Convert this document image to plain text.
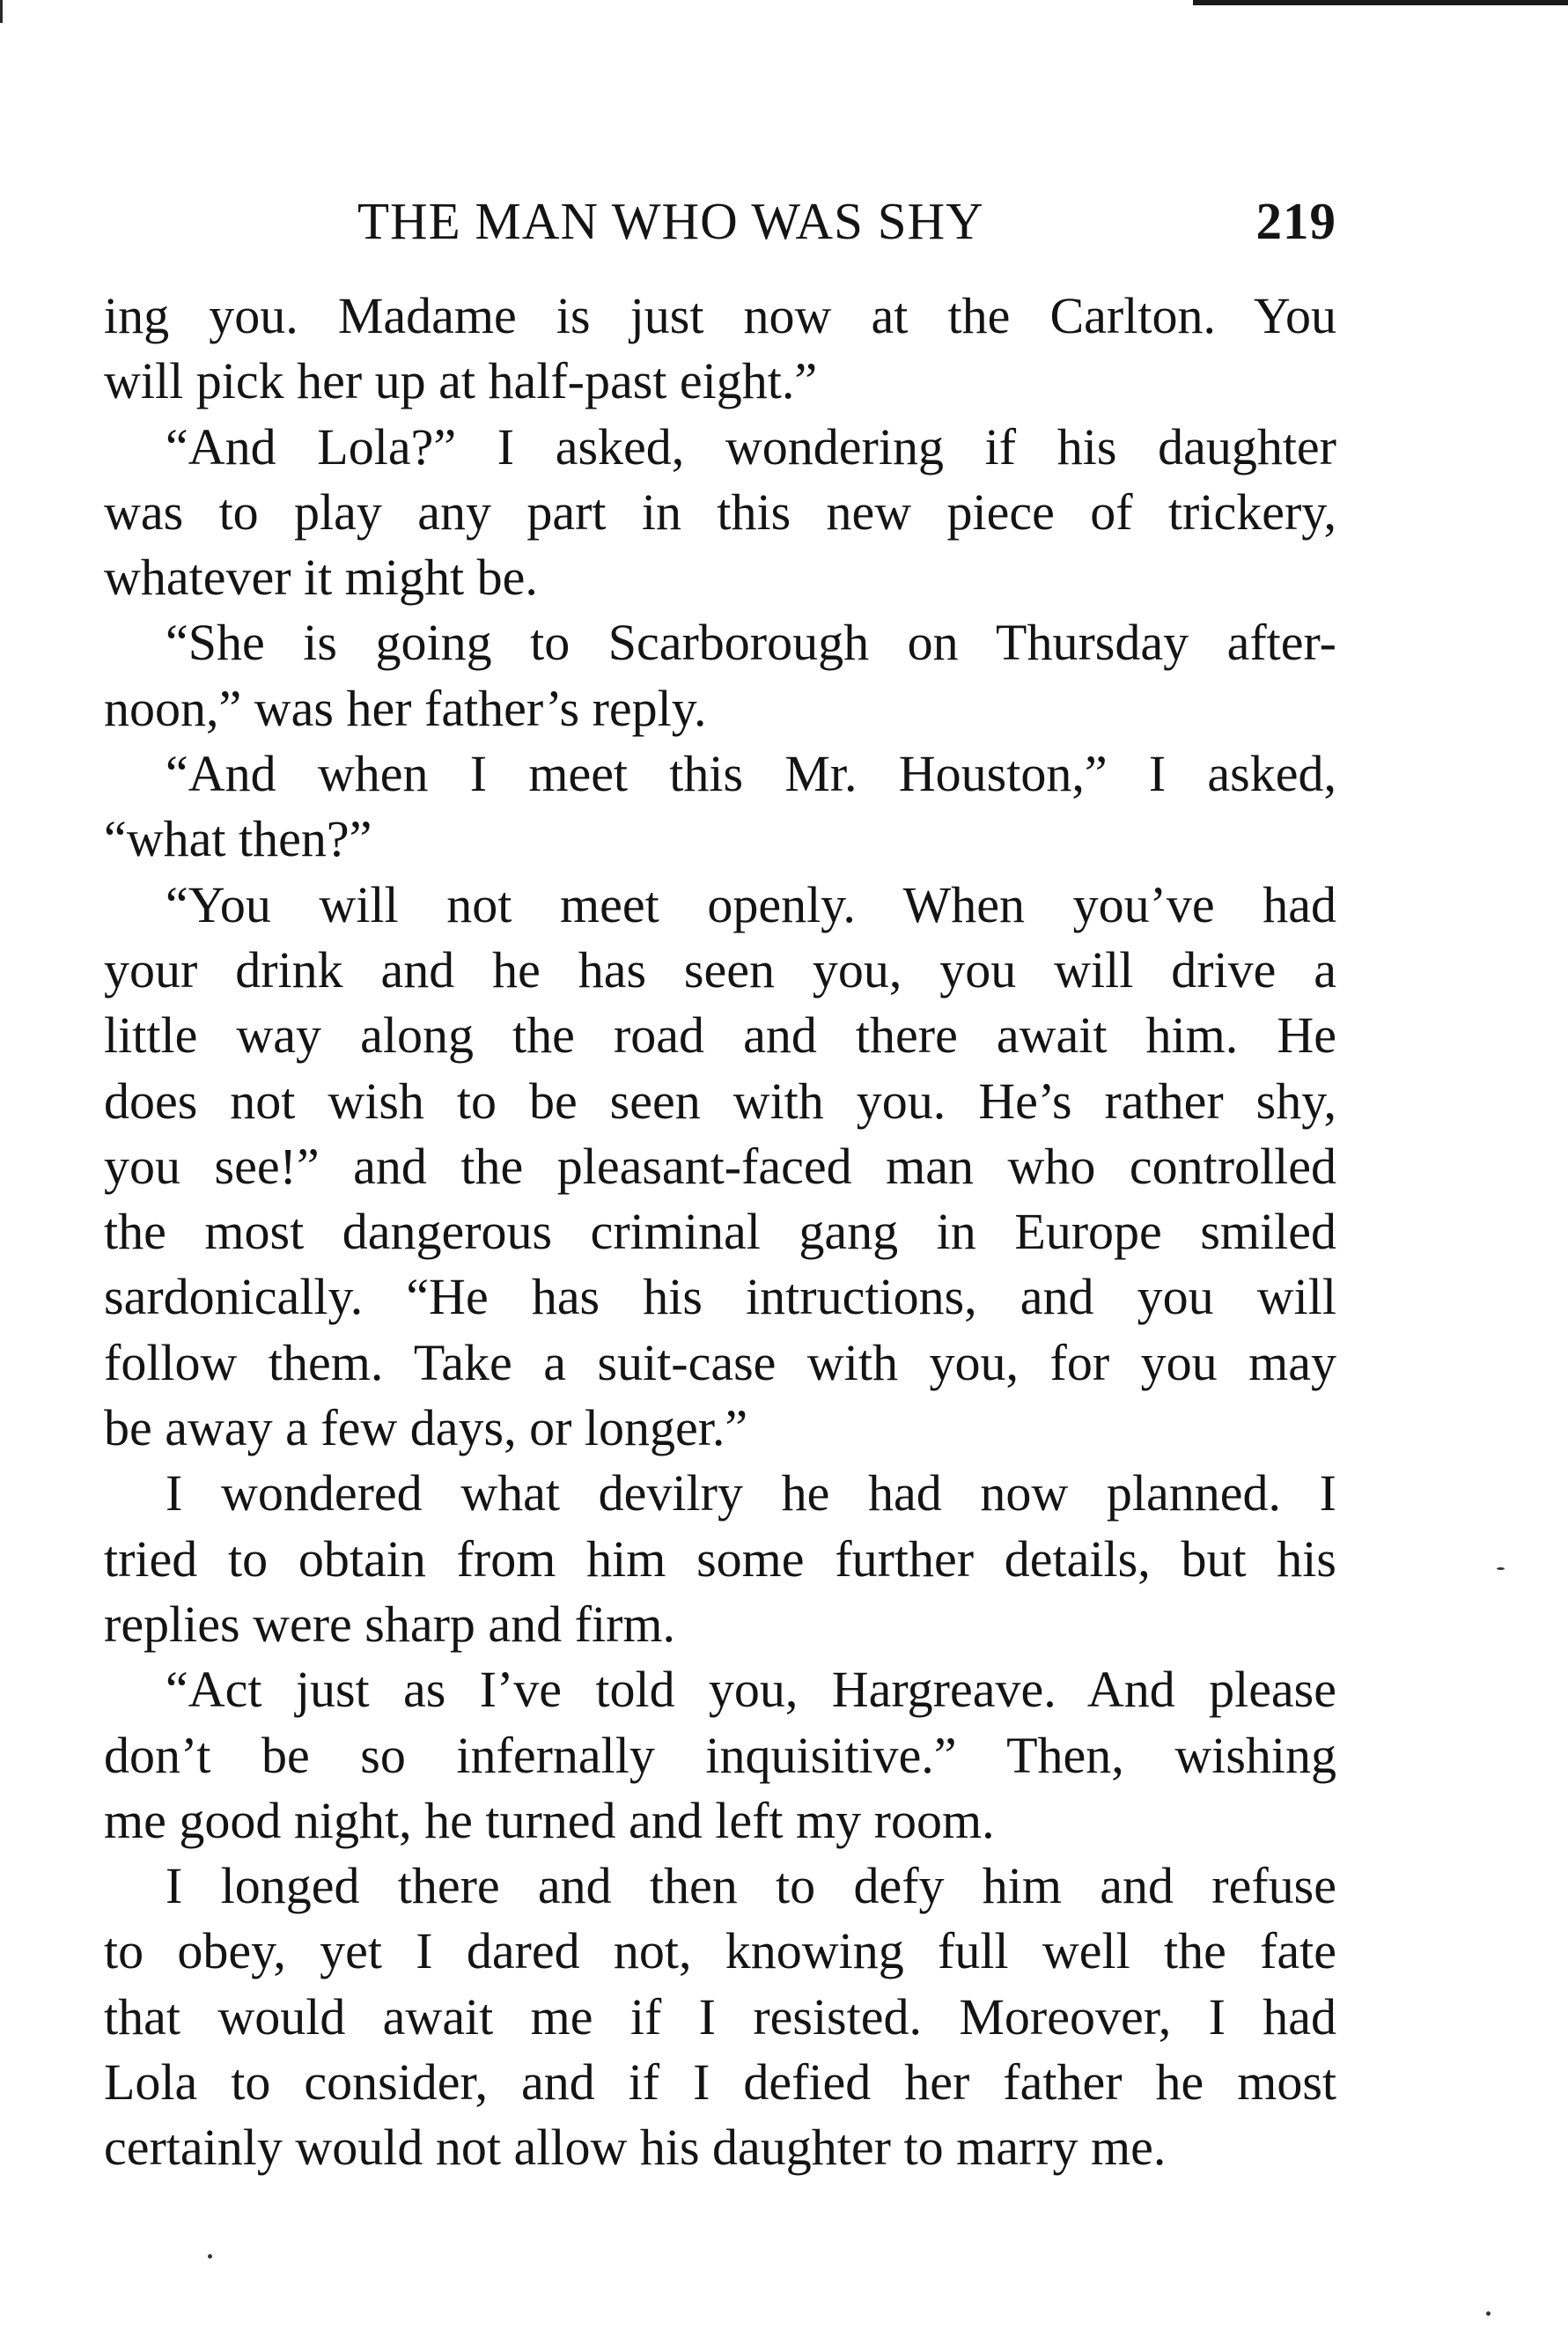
THE MAN WHO WAS SHY	219
ing you. Madame is just now at the Carlton. You
will pick her up at half-past eight.”
“And Lola?” I asked, wondering if his daughter
was to play any part in this new piece of trickery,
whatever it might be.
“She is going to Scarborough on Thursday after-
noon,” was her father’s reply.
“And when I meet this Mr. Houston,” I asked,
“what then?”
“You will not meet openly. When you’ve had
your drink and he has seen you, you will drive a
little way along the road and there await him. He
does not wish to be seen with you. He’s rather shy,
you see!” and the pleasant-faced man who controlled
the most dangerous criminal gang in Europe smiled
sardonically. “He has his intructions, and you will
follow them. Take a suit-case with you, for you may
be away a few days, or longer.”
I wondered what devilry he had now planned. I
tried to obtain from him some further details, but his
replies were sharp and firm.
“Act just as I’ve told you, Hargreave. And please
don’t be so infernally inquisitive.” Then, wishing
me good night, he turned and left my room.
I longed there and then to defy him and refuse
to obey, yet I dared not, knowing full well the fate
that would await me if I resisted. Moreover, I had
Lola to consider, and if I defied her father he most
certainly would not allow his daughter to marry me.
